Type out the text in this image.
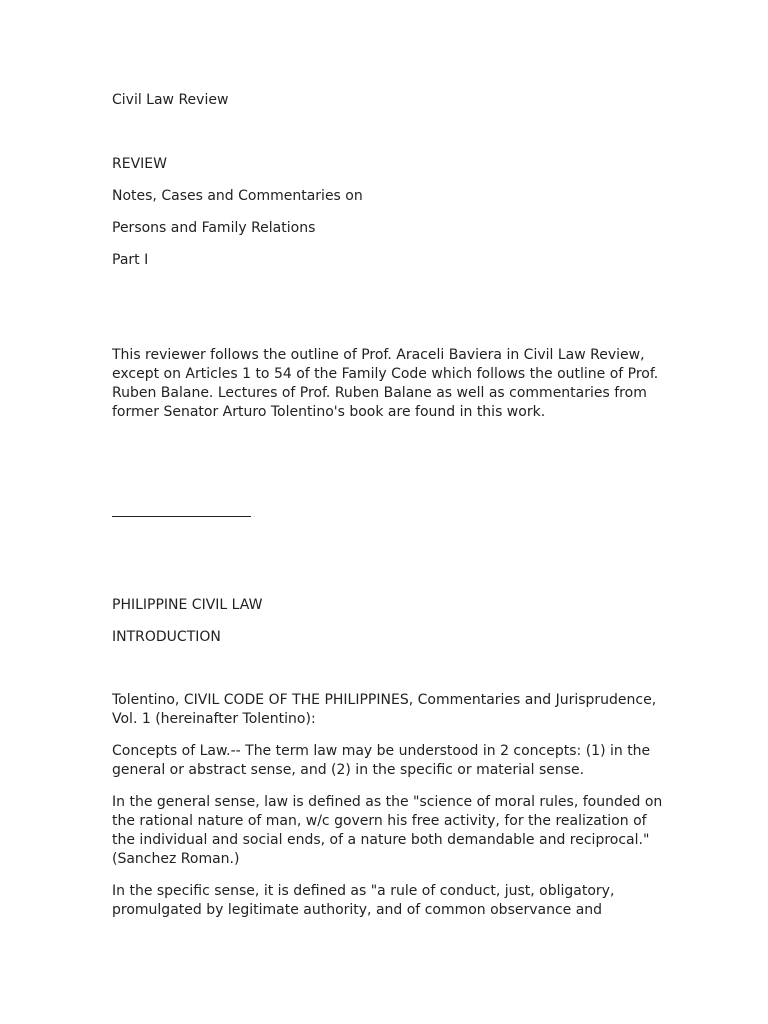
Civil Law Review

REVIEW

Notes, Cases and Commentaries on

Persons and Family Relations

Part I

This reviewer follows the outline of Prof. Araceli Baviera in Civil Law Review, except on Articles 1 to 54 of the Family Code which follows the outline of Prof. Ruben Balane. Lectures of Prof. Ruben Balane as well as commentaries from former Senator Arturo Tolentino's book are found in this work.

PHILIPPINE CIVIL LAW

INTRODUCTION

Tolentino, CIVIL CODE OF THE PHILIPPINES, Commentaries and Jurisprudence, Vol. 1 (hereinafter Tolentino):

Concepts of Law.-- The term law may be understood in 2 concepts: (1) in the general or abstract sense, and (2) in the specific or material sense.

In the general sense, law is defined as the "science of moral rules, founded on the rational nature of man, w/c govern his free activity, for the realization of the individual and social ends, of a nature both demandable and reciprocal." (Sanchez Roman.)

In the specific sense, it is defined as "a rule of conduct, just, obligatory, promulgated by legitimate authority, and of common observance and
